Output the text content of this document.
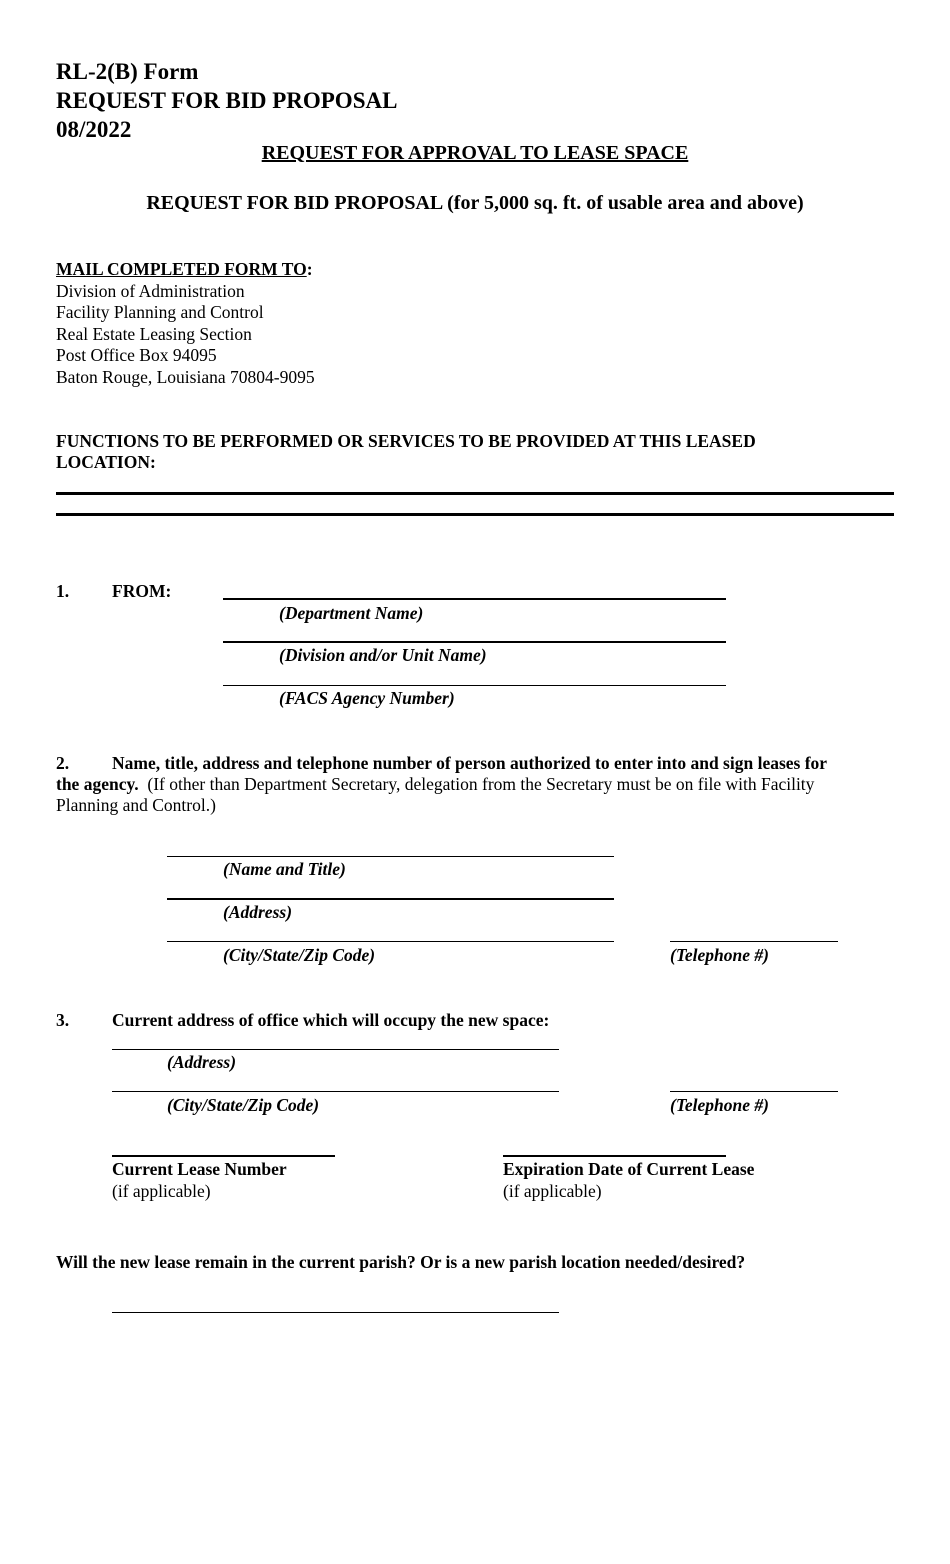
RL-2(B) Form
REQUEST FOR BID PROPOSAL
08/2022
REQUEST FOR APPROVAL TO LEASE SPACE
REQUEST FOR BID PROPOSAL (for 5,000 sq. ft. of usable area and above)
MAIL COMPLETED FORM TO:
Division of Administration
Facility Planning and Control
Real Estate Leasing Section
Post Office Box 94095
Baton Rouge, Louisiana 70804-9095
FUNCTIONS TO BE PERFORMED OR SERVICES TO BE PROVIDED AT THIS LEASED
LOCATION:
1. FROM:
(Department Name)
(Division and/or Unit Name)
(FACS Agency Number)
2. Name, title, address and telephone number of person authorized to enter into and sign leases for
the agency. (If other than Department Secretary, delegation from the Secretary must be on file with Facility
Planning and Control.)
(Name and Title)
(Address)
(City/State/Zip Code)	(Telephone #)
3. Current address of office which will occupy the new space:
(Address)
(City/State/Zip Code)	(Telephone #)
Current Lease Number
(if applicable)
Expiration Date of Current Lease
(if applicable)
Will the new lease remain in the current parish? Or is a new parish location needed/desired?
